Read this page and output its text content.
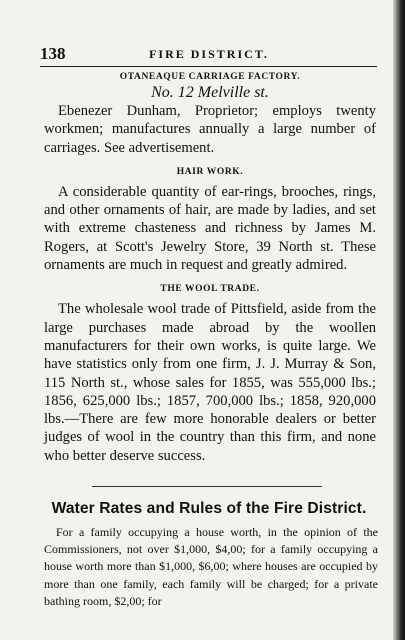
138	FIRE DISTRICT.
OTANEAQUE CARRIAGE FACTORY.
No. 12 Melville st.

Ebenezer Dunham, Proprietor; employs twenty workmen; manufactures annually a large number of carriages. See advertisement.

HAIR WORK.

A considerable quantity of ear-rings, brooches, rings, and other ornaments of hair, are made by ladies, and set with extreme chasteness and richness by James M. Rogers, at Scott's Jewelry Store, 39 North st. These ornaments are much in request and greatly admired.

THE WOOL TRADE.

The wholesale wool trade of Pittsfield, aside from the large purchases made abroad by the woollen manufacturers for their own works, is quite large. We have statistics only from one firm, J. J. Murray & Son, 115 North st., whose sales for 1855, was 555,000 lbs.; 1856, 625,000 lbs.; 1857, 700,000 lbs.; 1858, 920,000 lbs.—There are few more honorable dealers or better judges of wool in the country than this firm, and none who better deserve success.

Water Rates and Rules of the Fire District.

For a family occupying a house worth, in the opinion of the Commissioners, not over $1,000, $4,00; for a family occupying a house worth more than $1,000, $6,00; where houses are occupied by more than one family, each family will be charged; for a private bathing room, $2,00; for
